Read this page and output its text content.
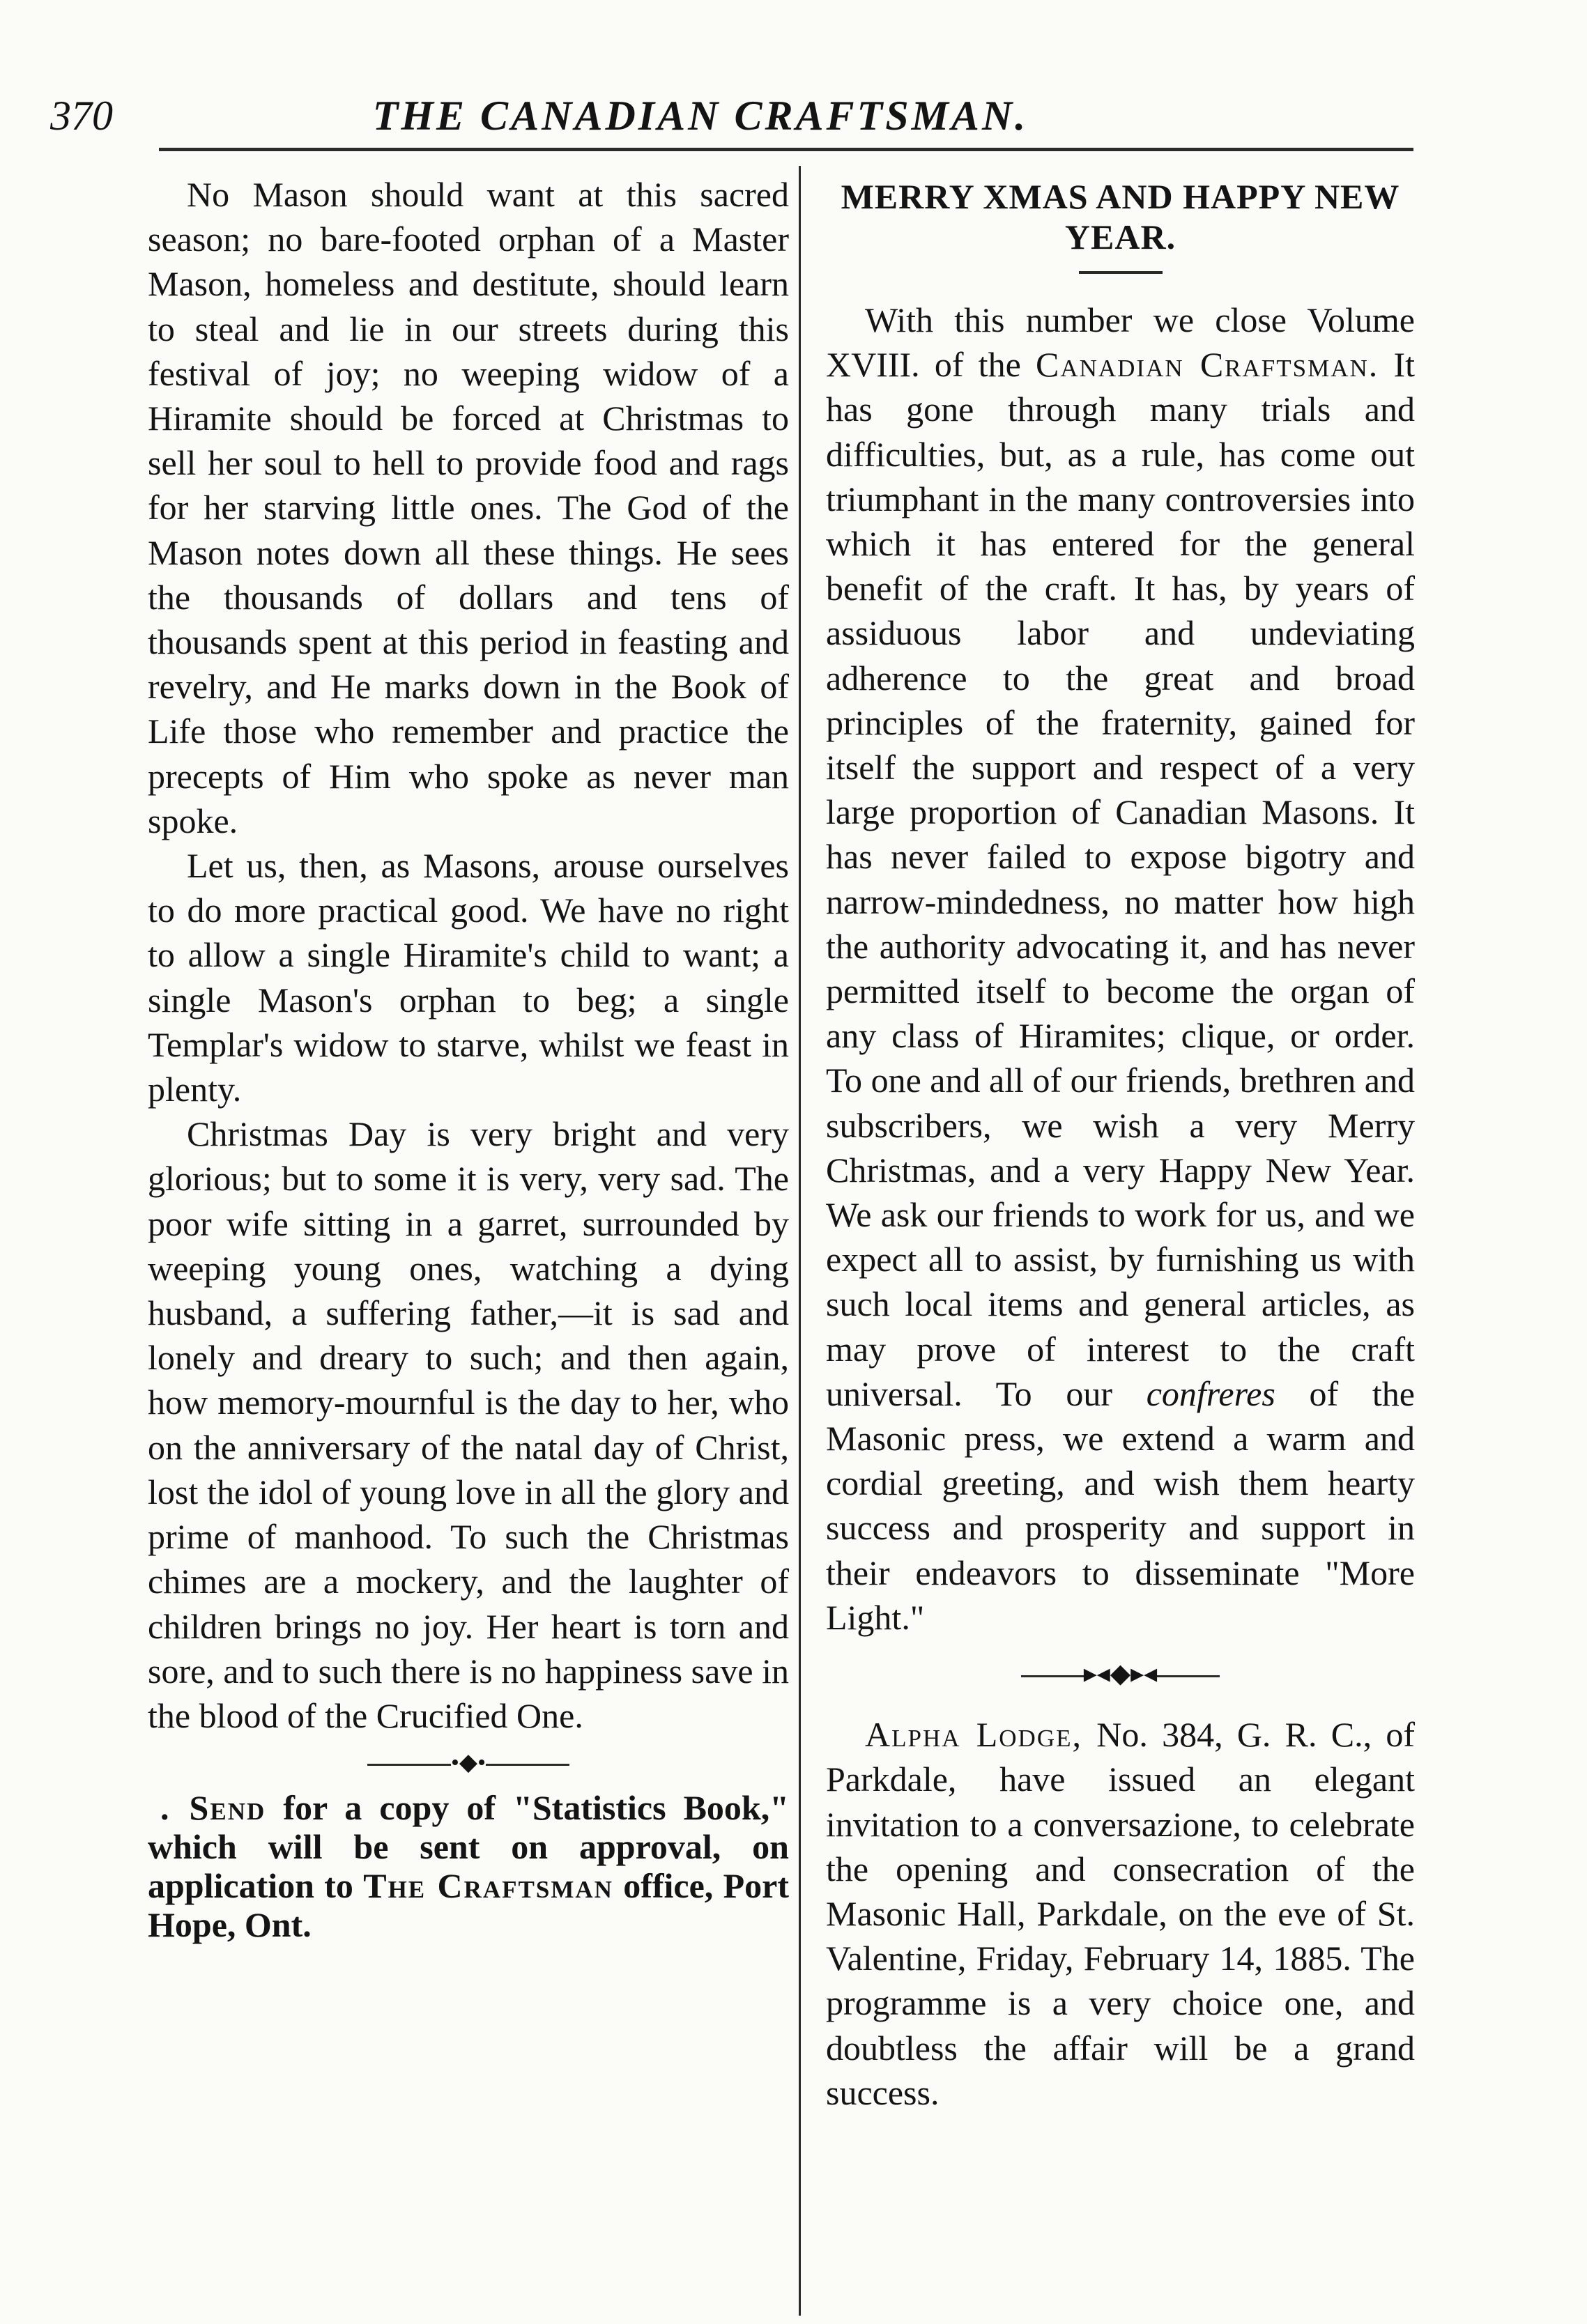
370	THE CANADIAN CRAFTSMAN.

No Mason should want at this sacred season; no bare-footed orphan of a Master Mason, homeless and destitute, should learn to steal and lie in our streets during this festival of joy; no weeping widow of a Hiramite should be forced at Christmas to sell her soul to hell to provide food and rags for her starving little ones. The God of the Mason notes down all these things. He sees the thousands of dollars and tens of thousands spent at this period in feasting and revelry, and He marks down in the Book of Life those who remember and practice the precepts of Him who spoke as never man spoke.

Let us, then, as Masons, arouse ourselves to do more practical good. We have no right to allow a single Hiramite's child to want; a single Mason's orphan to beg; a single Templar's widow to starve, whilst we feast in plenty.

Christmas Day is very bright and very glorious; but to some it is very, very sad. The poor wife sitting in a garret, surrounded by weeping young ones, watching a dying husband, a suffering father,—it is sad and lonely and dreary to such; and then again, how memory-mournful is the day to her, who on the anniversary of the natal day of Christ, lost the idol of young love in all the glory and prime of manhood. To such the Christmas chimes are a mockery, and the laughter of children brings no joy. Her heart is torn and sore, and to such there is no happiness save in the blood of the Crucified One.

•◆•

. Send for a copy of "Statistics Book," which will be sent on approval, on application to The Craftsman office, Port Hope, Ont.

MERRY XMAS AND HAPPY NEW
YEAR.

With this number we close Volume XVIII. of the Canadian Craftsman. It has gone through many trials and difficulties, but, as a rule, has come out triumphant in the many controversies into which it has entered for the general benefit of the craft. It has, by years of assiduous labor and undeviating adherence to the great and broad principles of the fraternity, gained for itself the support and respect of a very large proportion of Canadian Masons. It has never failed to expose bigotry and narrow-mindedness, no matter how high the authority advocating it, and has never permitted itself to become the organ of any class of Hiramites; clique, or order. To one and all of our friends, brethren and subscribers, we wish a very Merry Christmas, and a very Happy New Year. We ask our friends to work for us, and we expect all to assist, by furnishing us with such local items and general articles, as may prove of interest to the craft universal. To our confreres of the Masonic press, we extend a warm and cordial greeting, and wish them hearty success and prosperity and support in their endeavors to disseminate "More Light."

▸◂◆▸◂

Alpha Lodge, No. 384, G. R. C., of Parkdale, have issued an elegant invitation to a conversazione, to celebrate the opening and consecration of the Masonic Hall, Parkdale, on the eve of St. Valentine, Friday, February 14, 1885. The programme is a very choice one, and doubtless the affair will be a grand success.
